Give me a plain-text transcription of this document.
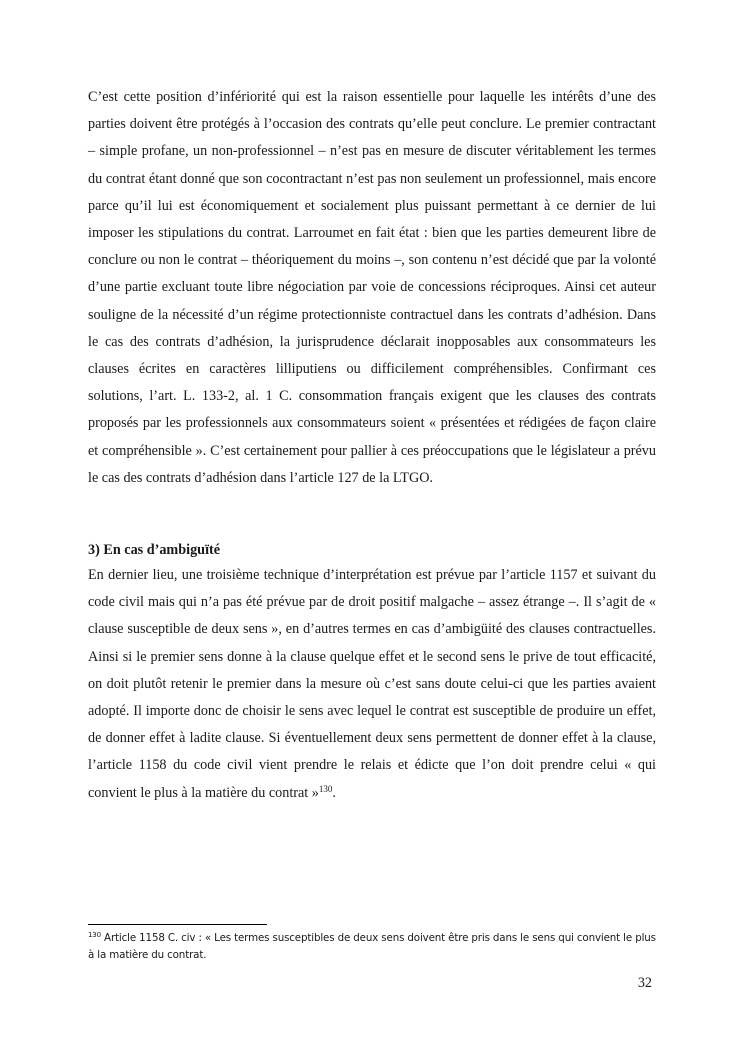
C’est cette position d’infériorité qui est la raison essentielle pour laquelle les intérêts d’une des parties doivent être protégés à l’occasion des contrats qu’elle peut conclure. Le premier contractant – simple profane, un non-professionnel – n’est pas en mesure de discuter véritablement les termes du contrat étant donné que son cocontractant n’est pas non seulement un professionnel, mais encore parce qu’il lui est économiquement et socialement plus puissant permettant à ce dernier de lui imposer les stipulations du contrat. Larroumet en fait état : bien que les parties demeurent libre de conclure ou non le contrat – théoriquement du moins –, son contenu n’est décidé que par la volonté d’une partie excluant toute libre négociation par voie de concessions réciproques. Ainsi cet auteur souligne de la nécessité d’un régime protectionniste contractuel dans les contrats d’adhésion. Dans le cas des contrats d’adhésion, la jurisprudence déclarait inopposables aux consommateurs les clauses écrites en caractères lilliputiens ou difficilement compréhensibles. Confirmant ces solutions, l’art. L. 133-2, al. 1 C. consommation français exigent que les clauses des contrats proposés par les professionnels aux consommateurs soient « présentées et rédigées de façon claire et compréhensible ». C’est certainement pour pallier à ces préoccupations que le législateur a prévu le cas des contrats d’adhésion dans l’article 127 de la LTGO.

3) En cas d’ambiguïté

En dernier lieu, une troisième technique d’interprétation est prévue par l’article 1157 et suivant du code civil mais qui n’a pas été prévue par de droit positif malgache – assez étrange –. Il s’agit de « clause susceptible de deux sens », en d’autres termes en cas d’ambigüité des clauses contractuelles. Ainsi si le premier sens donne à la clause quelque effet et le second sens le prive de tout efficacité, on doit plutôt retenir le premier dans la mesure où c’est sans doute celui-ci que les parties avaient adopté. Il importe donc de choisir le sens avec lequel le contrat est susceptible de produire un effet, de donner effet à ladite clause. Si éventuellement deux sens permettent de donner effet à la clause, l’article 1158 du code civil vient prendre le relais et édicte que l’on doit prendre celui « qui convient le plus à la matière du contrat »$^{130}$.

$^{130}$ Article 1158 C. civ : « Les termes susceptibles de deux sens doivent être pris dans le sens qui convient le plus à la matière du contrat.

32
